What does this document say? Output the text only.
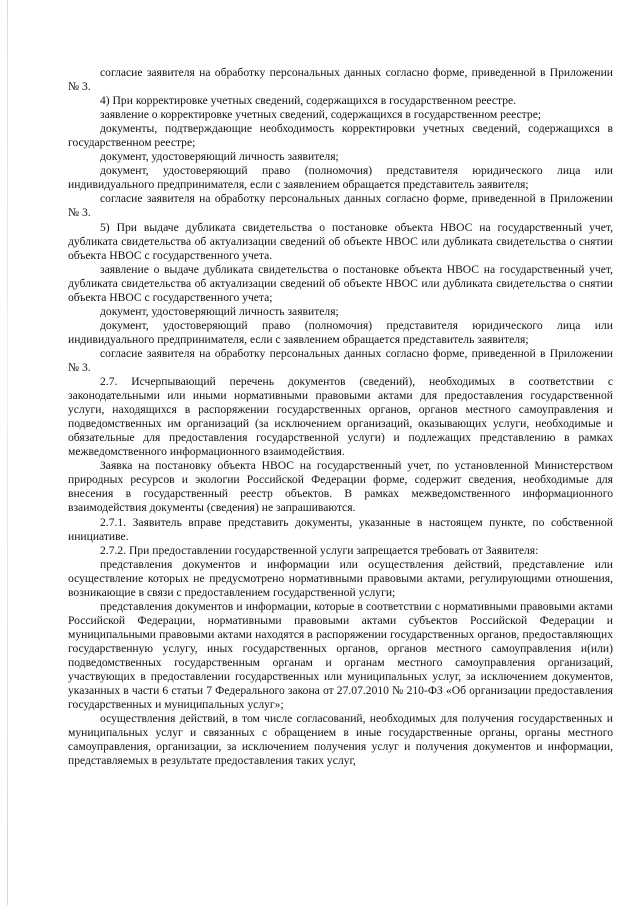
согласие заявителя на обработку персональных данных согласно форме, приведенной в Приложении № 3.

4) При корректировке учетных сведений, содержащихся в государственном реестре.

заявление о корректировке учетных сведений, содержащихся в государственном реестре;

документы, подтверждающие необходимость корректировки учетных сведений, содержащихся в государственном реестре;

документ, удостоверяющий личность заявителя;

документ, удостоверяющий право (полномочия) представителя юридического лица или индивидуального предпринимателя, если с заявлением обращается представитель заявителя;

согласие заявителя на обработку персональных данных согласно форме, приведенной в Приложении № 3.

5) При выдаче дубликата свидетельства о постановке объекта НВОС на государственный учет, дубликата свидетельства об актуализации сведений об объекте НВОС или дубликата свидетельства о снятии объекта НВОС с государственного учета.

заявление о выдаче дубликата свидетельства о постановке объекта НВОС на государственный учет, дубликата свидетельства об актуализации сведений об объекте НВОС или дубликата свидетельства о снятии объекта НВОС с государственного учета;

документ, удостоверяющий личность заявителя;

документ, удостоверяющий право (полномочия) представителя юридического лица или индивидуального предпринимателя, если с заявлением обращается представитель заявителя;

согласие заявителя на обработку персональных данных согласно форме, приведенной в Приложении № 3.

2.7. Исчерпывающий перечень документов (сведений), необходимых в соответствии с законодательными или иными нормативными правовыми актами для предоставления государственной услуги, находящихся в распоряжении государственных органов, органов местного самоуправления и подведомственных им организаций (за исключением организаций, оказывающих услуги, необходимые и обязательные для предоставления государственной услуги) и подлежащих представлению в рамках межведомственного информационного взаимодействия.

Заявка на постановку объекта НВОС на государственный учет, по установленной Министерством природных ресурсов и экологии Российской Федерации форме, содержит сведения, необходимые для внесения в государственный реестр объектов. В рамках межведомственного информационного взаимодействия документы (сведения) не запрашиваются.

2.7.1. Заявитель вправе представить документы, указанные в настоящем пункте, по собственной инициативе.

2.7.2. При предоставлении государственной услуги запрещается требовать от Заявителя:

представления документов и информации или осуществления действий, представление или осуществление которых не предусмотрено нормативными правовыми актами, регулирующими отношения, возникающие в связи с предоставлением государственной услуги;

представления документов и информации, которые в соответствии с нормативными правовыми актами Российской Федерации, нормативными правовыми актами субъектов Российской Федерации и муниципальными правовыми актами находятся в распоряжении государственных органов, предоставляющих государственную услугу, иных государственных органов, органов местного самоуправления и(или) подведомственных государственным органам и органам местного самоуправления организаций, участвующих в предоставлении государственных или муниципальных услуг, за исключением документов, указанных в части 6 статьи 7 Федерального закона от 27.07.2010 № 210-ФЗ «Об организации предоставления государственных и муниципальных услуг»;

осуществления действий, в том числе согласований, необходимых для получения государственных и муниципальных услуг и связанных с обращением в иные государственные органы, органы местного самоуправления, организации, за исключением получения услуг и получения документов и информации, представляемых в результате предоставления таких услуг,
